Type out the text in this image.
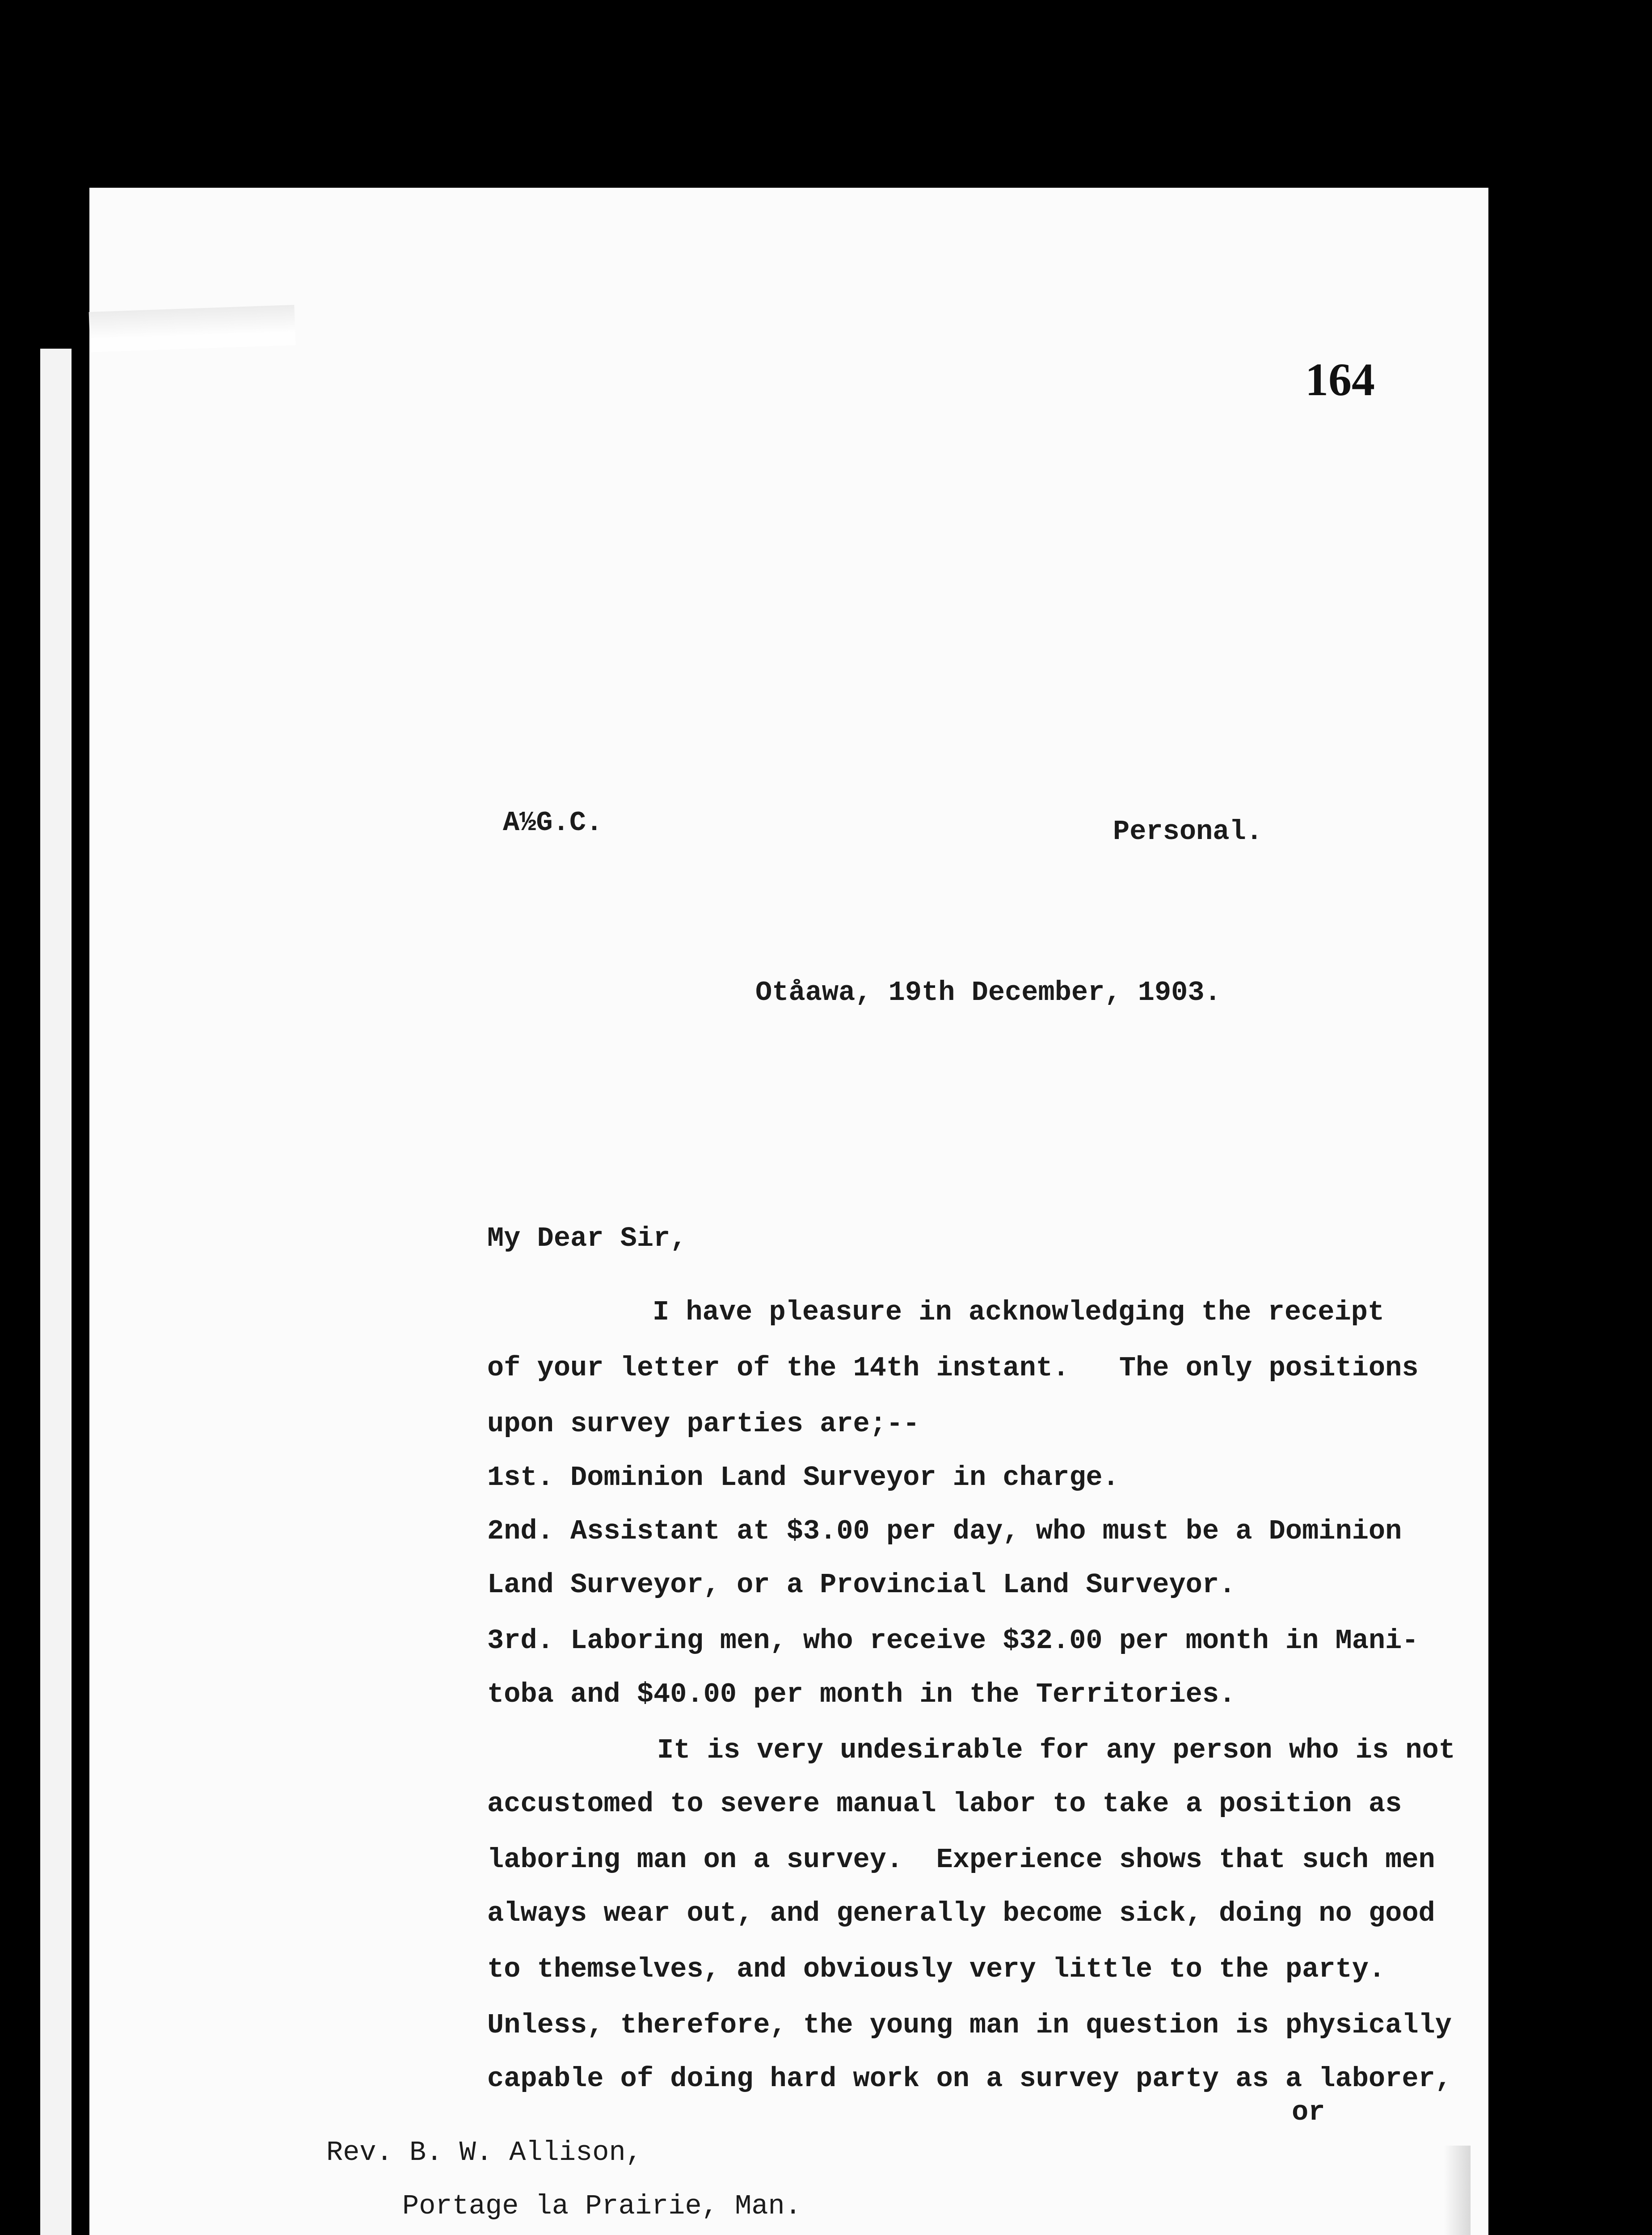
164
A½G.C.	Personal.
Otåawa, 19th December, 1903.
My Dear Sir,
I have pleasure in acknowledging the receipt
of your letter of the 14th instant.   The only positions
upon survey parties are;--
1st. Dominion Land Surveyor in charge.
2nd. Assistant at $3.00 per day, who must be a Dominion
Land Surveyor, or a Provincial Land Surveyor.
3rd. Laboring men, who receive $32.00 per month in Mani-
toba and $40.00 per month in the Territories.
It is very undesirable for any person who is not
accustomed to severe manual labor to take a position as
laboring man on a survey.  Experience shows that such men
always wear out, and generally become sick, doing no good
to themselves, and obviously very little to the party.
Unless, therefore, the young man in question is physically
capable of doing hard work on a survey party as a laborer,
or
Rev. B. W. Allison,
Portage la Prairie, Man.
